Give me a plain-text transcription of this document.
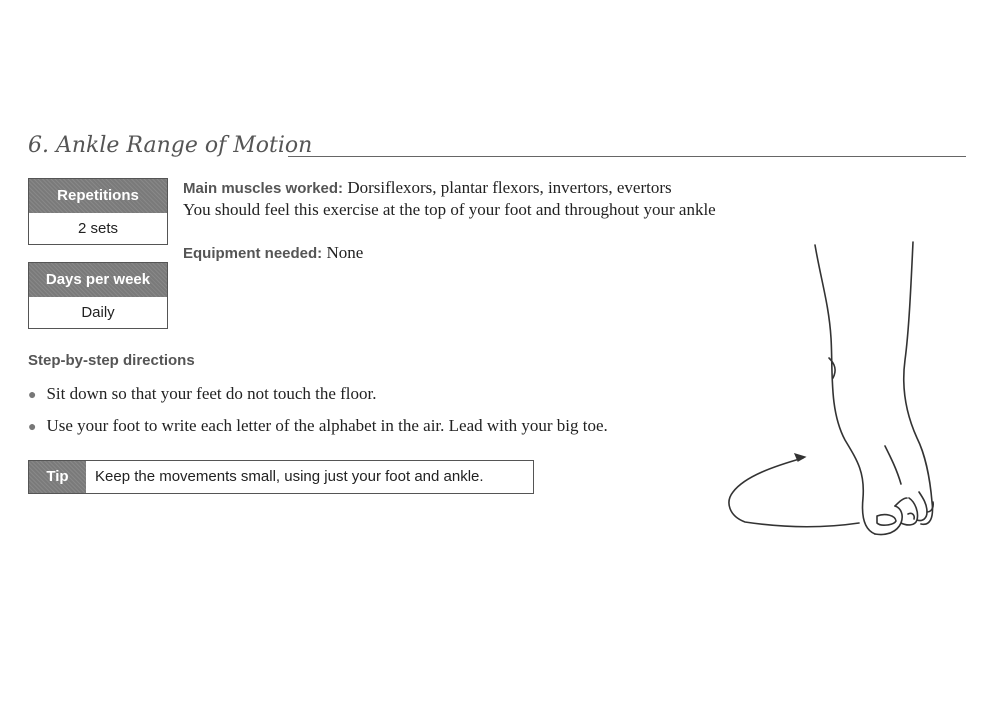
6. Ankle Range of Motion
Repetitions
2 sets
Days per week
Daily
Main muscles worked: Dorsiflexors, plantar flexors, invertors, evertors
You should feel this exercise at the top of your foot and throughout your ankle
Equipment needed: None
Step-by-step directions
● Sit down so that your feet do not touch the floor.
● Use your foot to write each letter of the alphabet in the air. Lead with your big toe.
Tip	Keep the movements small, using just your foot and ankle.
